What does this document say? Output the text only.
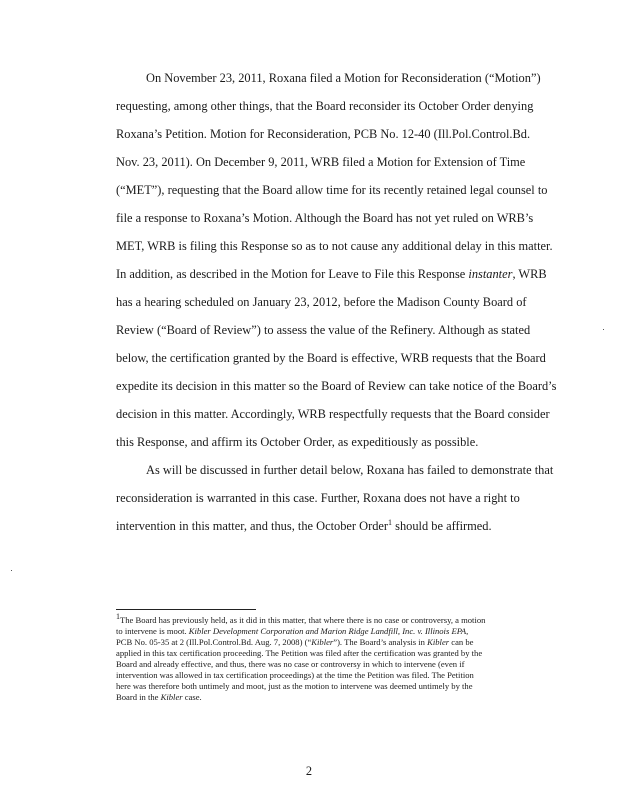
On November 23, 2011, Roxana filed a Motion for Reconsideration (“Motion”)
requesting, among other things, that the Board reconsider its October Order denying
Roxana’s Petition. Motion for Reconsideration, PCB No. 12-40 (Ill.Pol.Control.Bd.
Nov. 23, 2011). On December 9, 2011, WRB filed a Motion for Extension of Time
(“MET”), requesting that the Board allow time for its recently retained legal counsel to
file a response to Roxana’s Motion. Although the Board has not yet ruled on WRB’s
MET, WRB is filing this Response so as to not cause any additional delay in this matter.
In addition, as described in the Motion for Leave to File this Response instanter, WRB
has a hearing scheduled on January 23, 2012, before the Madison County Board of
Review (“Board of Review”) to assess the value of the Refinery. Although as stated
below, the certification granted by the Board is effective, WRB requests that the Board
expedite its decision in this matter so the Board of Review can take notice of the Board’s
decision in this matter. Accordingly, WRB respectfully requests that the Board consider
this Response, and affirm its October Order, as expeditiously as possible.
As will be discussed in further detail below, Roxana has failed to demonstrate that
reconsideration is warranted in this case. Further, Roxana does not have a right to
intervention in this matter, and thus, the October Order$^1$ should be affirmed.
$^1$The Board has previously held, as it did in this matter, that where there is no case or controversy, a motion
to intervene is moot. Kibler Development Corporation and Marion Ridge Landfill, Inc. v. Illinois EPA,
PCB No. 05-35 at 2 (Ill.Pol.Control.Bd. Aug. 7, 2008) (“Kibler”). The Board’s analysis in Kibler can be
applied in this tax certification proceeding. The Petition was filed after the certification was granted by the
Board and already effective, and thus, there was no case or controversy in which to intervene (even if
intervention was allowed in tax certification proceedings) at the time the Petition was filed. The Petition
here was therefore both untimely and moot, just as the motion to intervene was deemed untimely by the
Board in the Kibler case.
2
